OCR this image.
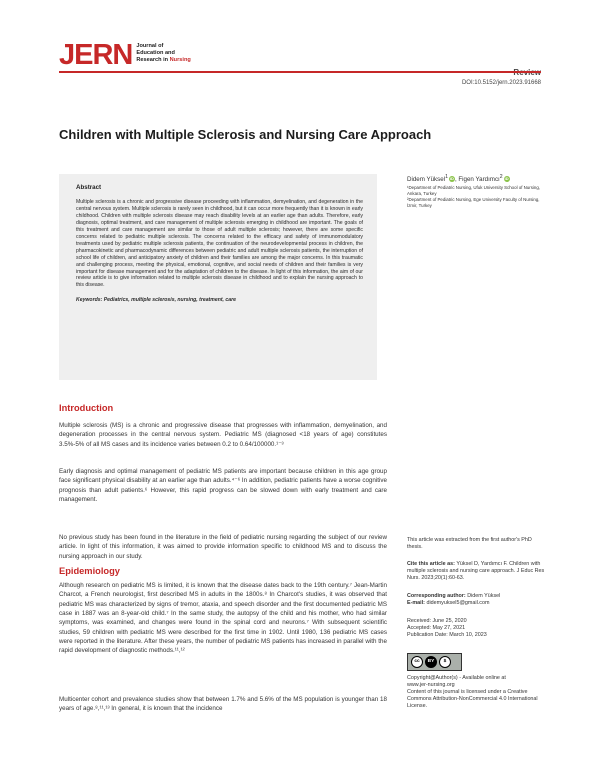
JERN Journal of
Education and
Research in Nursing
DOI:10.5152/jern.2023.91668
Children with Multiple Sclerosis and Nursing Care Approach
Abstract

Multiple sclerosis is a chronic and progressive disease proceeding with inflammation, demyelination, and degeneration in the central nervous system. Multiple sclerosis is rarely seen in childhood, but it can occur more frequently than it is known in early childhood. Children with multiple sclerosis disease may reach disability levels at an earlier age than adults. Therefore, early diagnosis, optimal treatment, and care management of multiple sclerosis emerging in childhood are important. The goals of this treatment and care management are similar to those of adult multiple sclerosis; however, there are some specific concerns related to pediatric multiple sclerosis. The concerns related to the efficacy and safety of immunomodulatory treatments used by pediatric multiple sclerosis patients, the continuation of the neurodevelopmental process in children, the pharmacokinetic and pharmacodynamic differences between pediatric and adult multiple sclerosis patients, the interruption of school life of children, and anticipatory anxiety of children and their families are among the major concerns. In this traumatic and challenging process, meeting the physical, emotional, cognitive, and social needs of children and their families is very important for disease management and for the adaptation of children to the disease. In light of this information, the aim of our review article is to give information related to multiple sclerosis disease in childhood and to explain the nursing approach to this disease.

Keywords: Pediatrics, multiple sclerosis, nursing, treatment, care

Didem Yüksel$^1$ iD, Figen Yardımcı$^2$ iD
¹Department of Pediatric Nursing, Ufuk University School of Nursing, Ankara, Turkey
²Department of Pediatric Nursing, Ege University Faculty of Nursing, İzmir, Turkey
Introduction

Multiple sclerosis (MS) is a chronic and progressive disease that progresses with inflammation, demyelination, and degeneration processes in the central nervous system. Pediatric MS (diagnosed <18 years of age) constitutes 3.5%-5% of all MS cases and its incidence varies between 0.2 to 0.64/100000.¹⁻³

Early diagnosis and optimal management of pediatric MS patients are important because children in this age group face significant physical disability at an earlier age than adults.⁴⁻⁶ In addition, pediatric patients have a worse cognitive prognosis than adult patients.⁶ However, this rapid progress can be slowed down with early treatment and care management.

No previous study has been found in the literature in the field of pediatric nursing regarding the subject of our review article. In light of this information, it was aimed to provide information specific to childhood MS and to discuss the nursing approach in our study.

Epidemiology

Although research on pediatric MS is limited, it is known that the disease dates back to the 19th century.⁷ Jean-Martin Charcot, a French neurologist, first described MS in adults in the 1800s.⁸ In Charcot's studies, it was observed that pediatric MS was characterized by signs of tremor, ataxia, and speech disorder and the first documented pediatric MS case in 1887 was an 8-year-old child.⁷ In the same study, the autopsy of the child and his mother, who had similar symptoms, was examined, and changes were found in the spinal cord and neurons.⁷ With subsequent scientific studies, 59 children with pediatric MS were described for the first time in 1902. Until 1980, 136 pediatric MS cases were reported in the literature. After these years, the number of pediatric MS patients has increased in parallel with the rapid development of diagnostic methods.¹¹,¹²

Multicenter cohort and prevalence studies show that between 1.7% and 5.6% of the MS population is younger than 18 years of age.⁸,¹¹,¹³ In general, it is known that the incidence

This article was extracted from the first author's PhD thesis.

Cite this article as: Yüksel D, Yardımcı F. Children with multiple sclerosis and nursing care approach. J Educ Res Nurs. 2023;20(1):60-63.

Corresponding author: Didem Yüksel
E-mail: didemyuksel5@gmail.com

Received: June 25, 2020
Accepted: May 27, 2021
Publication Date: March 10, 2023

cc	BY	$

Copyright@Author(s) - Available online at
www.jer-nursing.org
Content of this journal is licensed under a Creative Commons Attribution-NonCommercial 4.0 International License.
